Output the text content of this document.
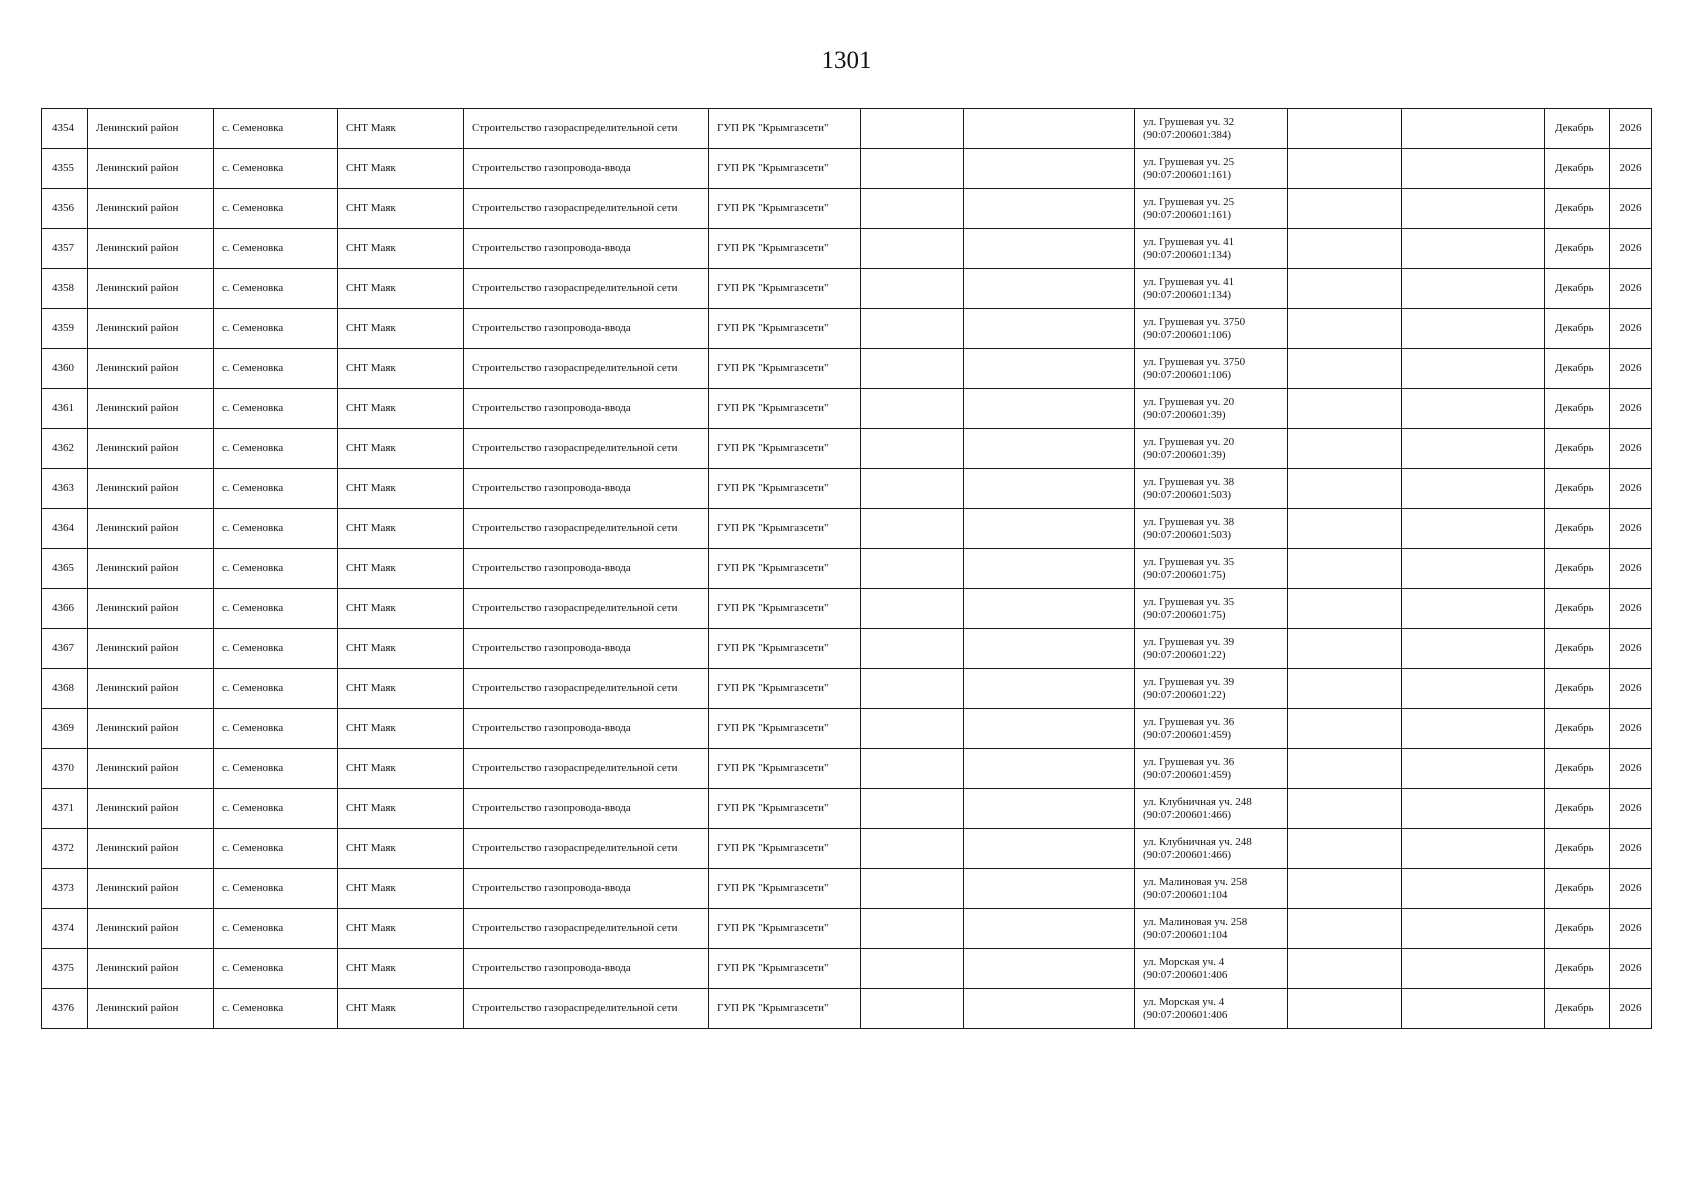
1301
4354	Ленинский район	с. Семеновка	СНТ Маяк	Строительство газораспределительной сети	ГУП РК "Крымгазсети"			ул. Грушевая уч. 32 (90:07:200601:384)			Декабрь	2026
4355	Ленинский район	с. Семеновка	СНТ Маяк	Строительство газопровода-ввода	ГУП РК "Крымгазсети"			ул. Грушевая уч. 25 (90:07:200601:161)			Декабрь	2026
4356	Ленинский район	с. Семеновка	СНТ Маяк	Строительство газораспределительной сети	ГУП РК "Крымгазсети"			ул. Грушевая уч. 25 (90:07:200601:161)			Декабрь	2026
4357	Ленинский район	с. Семеновка	СНТ Маяк	Строительство газопровода-ввода	ГУП РК "Крымгазсети"			ул. Грушевая уч. 41 (90:07:200601:134)			Декабрь	2026
4358	Ленинский район	с. Семеновка	СНТ Маяк	Строительство газораспределительной сети	ГУП РК "Крымгазсети"			ул. Грушевая уч. 41 (90:07:200601:134)			Декабрь	2026
4359	Ленинский район	с. Семеновка	СНТ Маяк	Строительство газопровода-ввода	ГУП РК "Крымгазсети"			ул. Грушевая уч. 3750 (90:07:200601:106)			Декабрь	2026
4360	Ленинский район	с. Семеновка	СНТ Маяк	Строительство газораспределительной сети	ГУП РК "Крымгазсети"			ул. Грушевая уч. 3750 (90:07:200601:106)			Декабрь	2026
4361	Ленинский район	с. Семеновка	СНТ Маяк	Строительство газопровода-ввода	ГУП РК "Крымгазсети"			ул. Грушевая уч. 20 (90:07:200601:39)			Декабрь	2026
4362	Ленинский район	с. Семеновка	СНТ Маяк	Строительство газораспределительной сети	ГУП РК "Крымгазсети"			ул. Грушевая уч. 20 (90:07:200601:39)			Декабрь	2026
4363	Ленинский район	с. Семеновка	СНТ Маяк	Строительство газопровода-ввода	ГУП РК "Крымгазсети"			ул. Грушевая уч. 38 (90:07:200601:503)			Декабрь	2026
4364	Ленинский район	с. Семеновка	СНТ Маяк	Строительство газораспределительной сети	ГУП РК "Крымгазсети"			ул. Грушевая уч. 38 (90:07:200601:503)			Декабрь	2026
4365	Ленинский район	с. Семеновка	СНТ Маяк	Строительство газопровода-ввода	ГУП РК "Крымгазсети"			ул. Грушевая уч. 35 (90:07:200601:75)			Декабрь	2026
4366	Ленинский район	с. Семеновка	СНТ Маяк	Строительство газораспределительной сети	ГУП РК "Крымгазсети"			ул. Грушевая уч. 35 (90:07:200601:75)			Декабрь	2026
4367	Ленинский район	с. Семеновка	СНТ Маяк	Строительство газопровода-ввода	ГУП РК "Крымгазсети"			ул. Грушевая уч. 39 (90:07:200601:22)			Декабрь	2026
4368	Ленинский район	с. Семеновка	СНТ Маяк	Строительство газораспределительной сети	ГУП РК "Крымгазсети"			ул. Грушевая уч. 39 (90:07:200601:22)			Декабрь	2026
4369	Ленинский район	с. Семеновка	СНТ Маяк	Строительство газопровода-ввода	ГУП РК "Крымгазсети"			ул. Грушевая уч. 36 (90:07:200601:459)			Декабрь	2026
4370	Ленинский район	с. Семеновка	СНТ Маяк	Строительство газораспределительной сети	ГУП РК "Крымгазсети"			ул. Грушевая уч. 36 (90:07:200601:459)			Декабрь	2026
4371	Ленинский район	с. Семеновка	СНТ Маяк	Строительство газопровода-ввода	ГУП РК "Крымгазсети"			ул. Клубничная уч. 248 (90:07:200601:466)			Декабрь	2026
4372	Ленинский район	с. Семеновка	СНТ Маяк	Строительство газораспределительной сети	ГУП РК "Крымгазсети"			ул. Клубничная уч. 248 (90:07:200601:466)			Декабрь	2026
4373	Ленинский район	с. Семеновка	СНТ Маяк	Строительство газопровода-ввода	ГУП РК "Крымгазсети"			ул. Малиновая уч. 258 (90:07:200601:104			Декабрь	2026
4374	Ленинский район	с. Семеновка	СНТ Маяк	Строительство газораспределительной сети	ГУП РК "Крымгазсети"			ул. Малиновая уч. 258 (90:07:200601:104			Декабрь	2026
4375	Ленинский район	с. Семеновка	СНТ Маяк	Строительство газопровода-ввода	ГУП РК "Крымгазсети"			ул. Морская уч. 4 (90:07:200601:406			Декабрь	2026
4376	Ленинский район	с. Семеновка	СНТ Маяк	Строительство газораспределительной сети	ГУП РК "Крымгазсети"			ул. Морская уч. 4 (90:07:200601:406			Декабрь	2026
